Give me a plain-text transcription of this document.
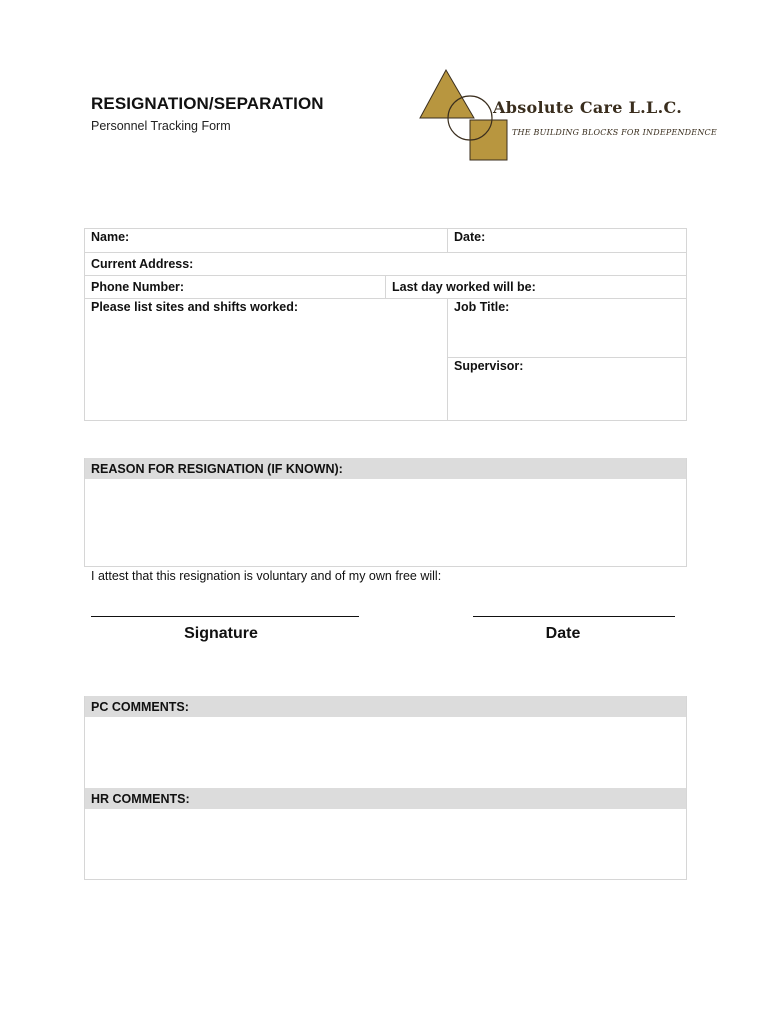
RESIGNATION/SEPARATION
Personnel Tracking Form
Absolute Care L.L.C.
THE BUILDING BLOCKS FOR INDEPENDENCE
Name:	Date:
Current Address:
Phone Number:	Last day worked will be:
Please list sites and shifts worked:	Job Title:
Supervisor:
REASON FOR RESIGNATION (IF KNOWN):
I attest that this resignation is voluntary and of my own free will:
Signature	Date
PC COMMENTS:
HR COMMENTS:
